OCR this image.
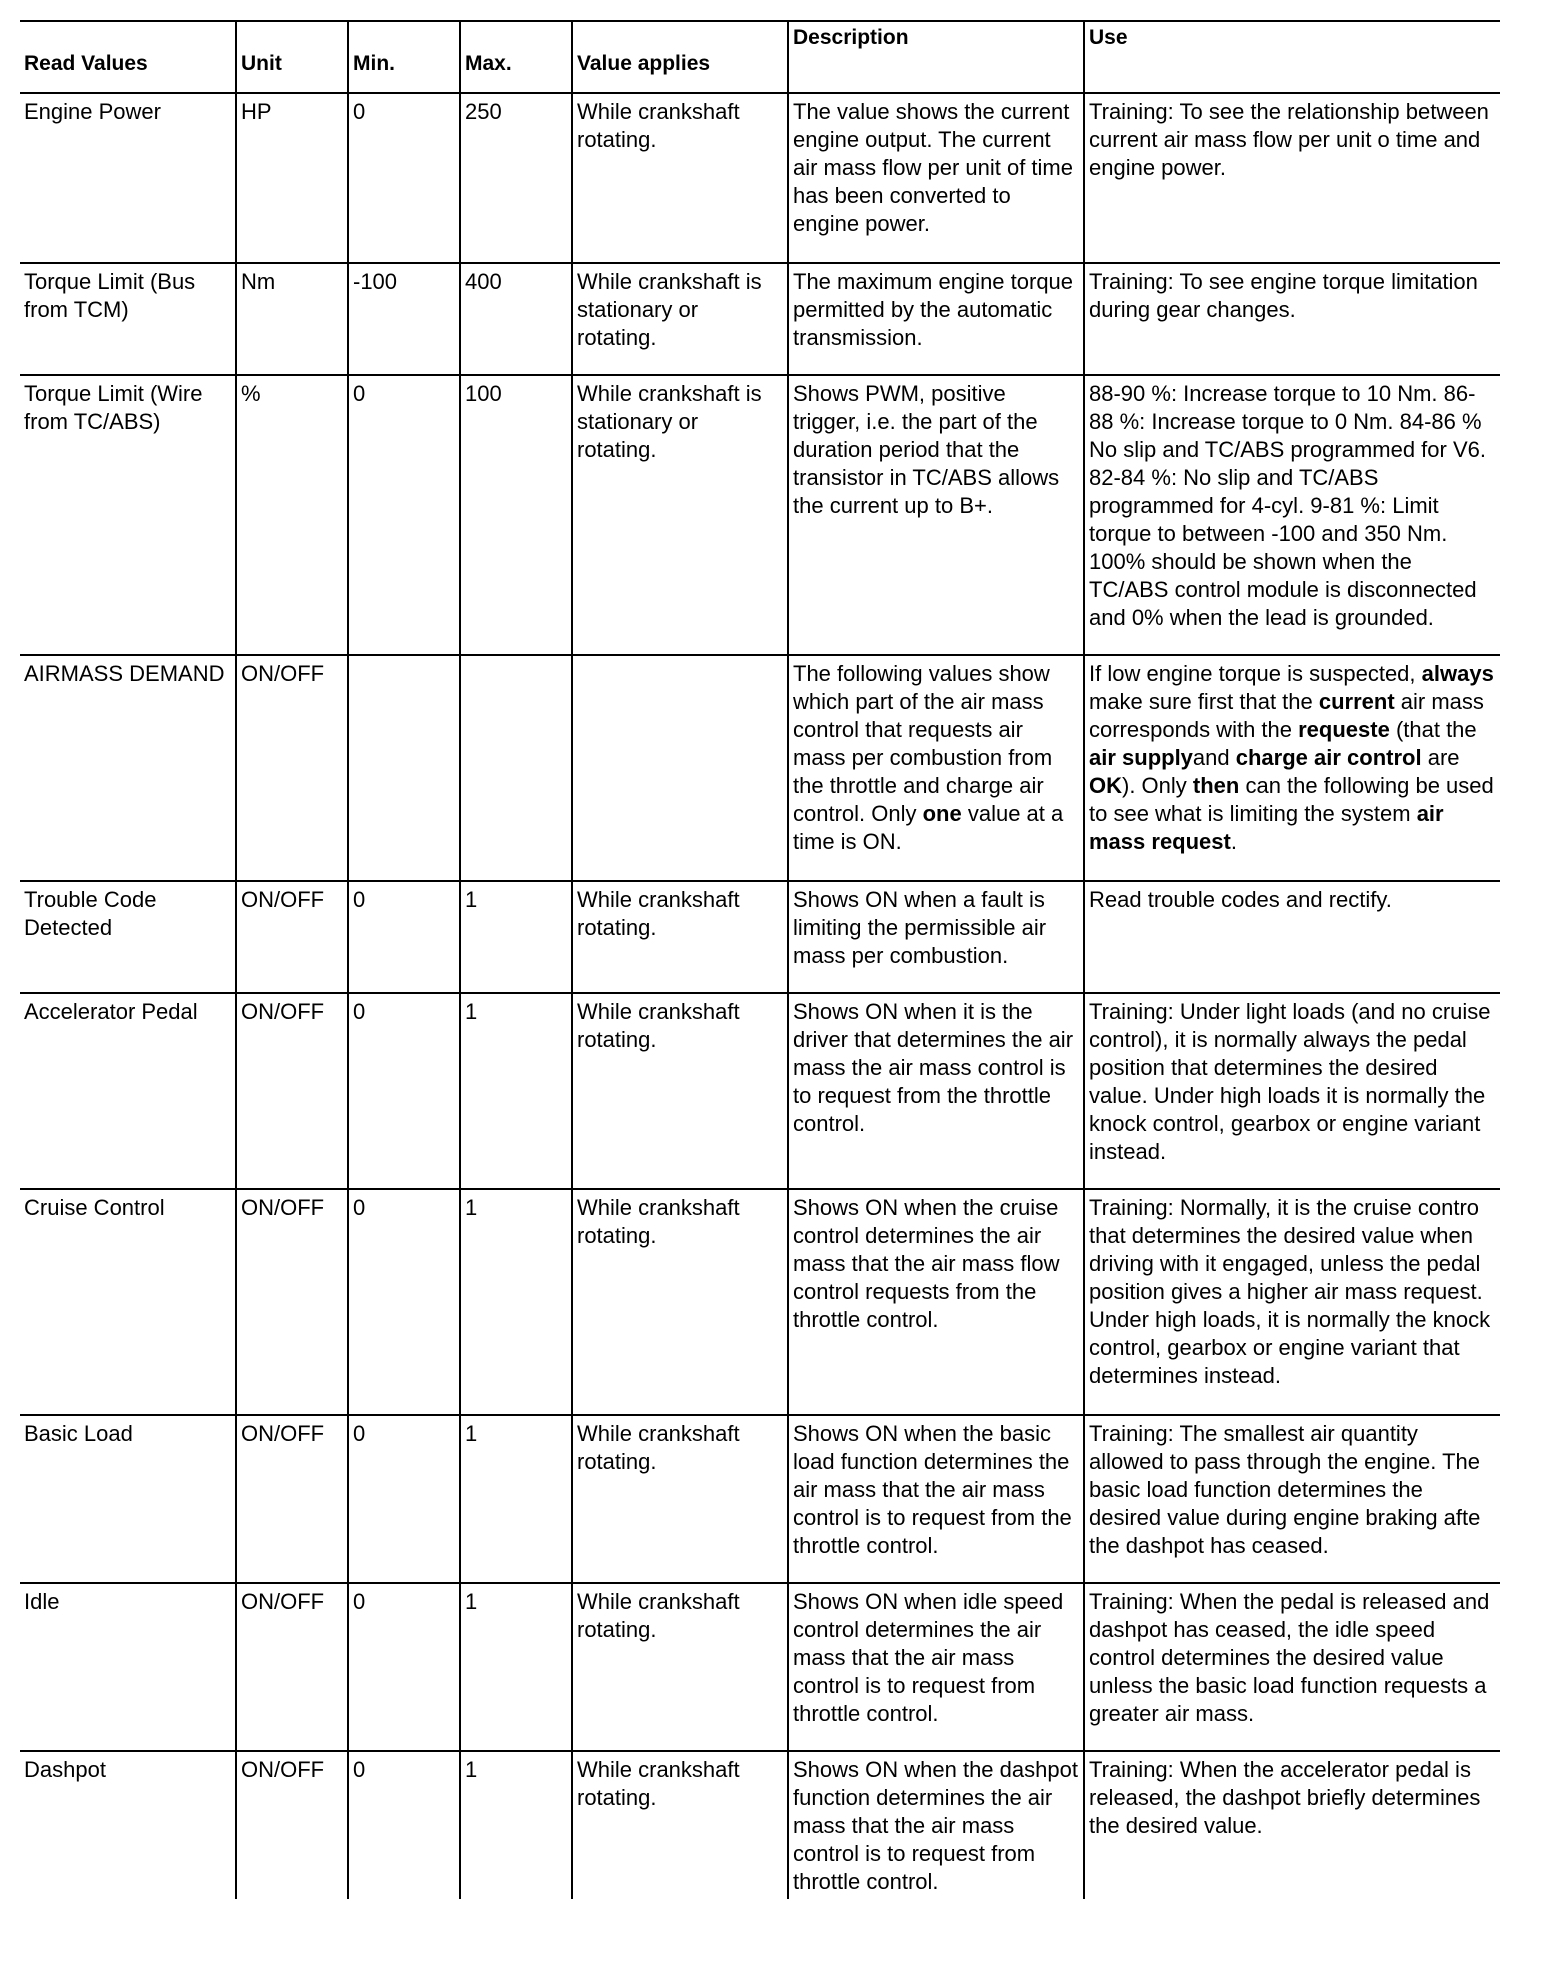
Read Values	Unit	Min.	Max.	Value applies	Description	Use

Engine Power	HP	0	250	While crankshaft rotating.	The value shows the current engine output. The current air mass flow per unit of time has been converted to engine power.	Training: To see the relationship between current air mass flow per unit o time and engine power.
Torque Limit (Bus from TCM)	Nm	-100	400	While crankshaft is stationary or rotating.	The maximum engine torque permitted by the automatic transmission.	Training: To see engine torque limitation during gear changes.
Torque Limit (Wire from TC/ABS)	%	0	100	While crankshaft is stationary or rotating.	Shows PWM, positive trigger, i.e. the part of the duration period that the transistor in TC/ABS allows the current up to B+.	88-90 %: Increase torque to 10 Nm. 86-88 %: Increase torque to 0 Nm. 84-86 % No slip and TC/ABS programmed for V6. 82-84 %: No slip and TC/ABS programmed for 4-cyl. 9-81 %: Limit torque to between -100 and 350 Nm. 100% should be shown when the TC/ABS control module is disconnected and 0% when the lead is grounded.
AIRMASS DEMAND	ON/OFF				The following values show which part of the air mass control that requests air mass per combustion from the throttle and charge air control. Only one value at a time is ON.	If low engine torque is suspected, always make sure first that the current air mass corresponds with the requeste (that the air supplyand charge air control are OK). Only then can the following be used to see what is limiting the system air mass request.
Trouble Code Detected	ON/OFF	0	1	While crankshaft rotating.	Shows ON when a fault is limiting the permissible air mass per combustion.	Read trouble codes and rectify.
Accelerator Pedal	ON/OFF	0	1	While crankshaft rotating.	Shows ON when it is the driver that determines the air mass the air mass control is to request from the throttle control.	Training: Under light loads (and no cruise control), it is normally always the pedal position that determines the desired value. Under high loads it is normally the knock control, gearbox or engine variant instead.
Cruise Control	ON/OFF	0	1	While crankshaft rotating.	Shows ON when the cruise control determines the air mass that the air mass flow control requests from the throttle control.	Training: Normally, it is the cruise contro that determines the desired value when driving with it engaged, unless the pedal position gives a higher air mass request. Under high loads, it is normally the knock control, gearbox or engine variant that determines instead.
Basic Load	ON/OFF	0	1	While crankshaft rotating.	Shows ON when the basic load function determines the air mass that the air mass control is to request from the throttle control.	Training: The smallest air quantity allowed to pass through the engine. The basic load function determines the desired value during engine braking afte the dashpot has ceased.
Idle	ON/OFF	0	1	While crankshaft rotating.	Shows ON when idle speed control determines the air mass that the air mass control is to request from throttle control.	Training: When the pedal is released and dashpot has ceased, the idle speed control determines the desired value unless the basic load function requests a greater air mass.
Dashpot	ON/OFF	0	1	While crankshaft rotating.	Shows ON when the dashpot function determines the air mass that the air mass control is to request from throttle control.	Training: When the accelerator pedal is released, the dashpot briefly determines the desired value.
